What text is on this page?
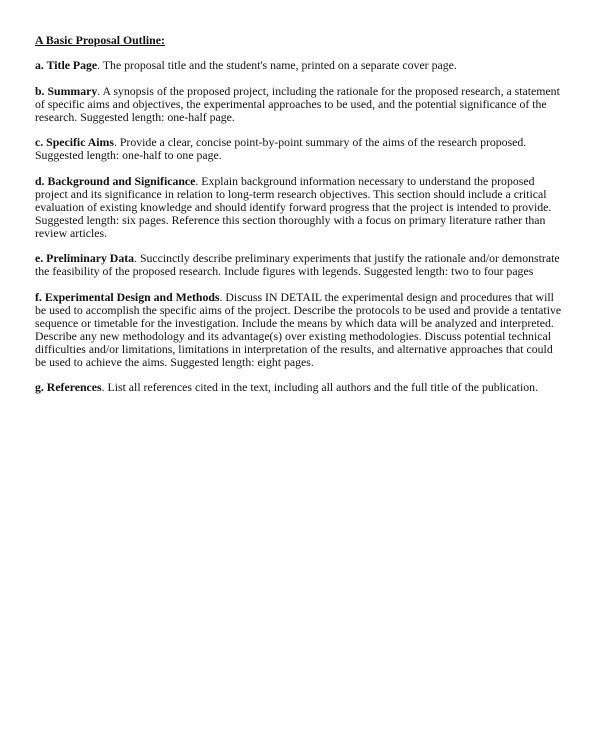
A Basic Proposal Outline:
a. Title Page. The proposal title and the student's name, printed on a separate cover page.
b. Summary. A synopsis of the proposed project, including the rationale for the proposed research, a statement
of specific aims and objectives, the experimental approaches to be used, and the potential significance of the
research. Suggested length: one-half page.
c. Specific Aims. Provide a clear, concise point-by-point summary of the aims of the research proposed.
Suggested length: one-half to one page.
d. Background and Significance. Explain background information necessary to understand the proposed
project and its significance in relation to long-term research objectives. This section should include a critical
evaluation of existing knowledge and should identify forward progress that the project is intended to provide.
Suggested length: six pages. Reference this section thoroughly with a focus on primary literature rather than
review articles.
e. Preliminary Data. Succinctly describe preliminary experiments that justify the rationale and/or demonstrate
the feasibility of the proposed research. Include figures with legends. Suggested length: two to four pages
f. Experimental Design and Methods. Discuss IN DETAIL the experimental design and procedures that will
be used to accomplish the specific aims of the project. Describe the protocols to be used and provide a tentative
sequence or timetable for the investigation. Include the means by which data will be analyzed and interpreted.
Describe any new methodology and its advantage(s) over existing methodologies. Discuss potential technical
difficulties and/or limitations, limitations in interpretation of the results, and alternative approaches that could
be used to achieve the aims. Suggested length: eight pages.
g. References. List all references cited in the text, including all authors and the full title of the publication.
